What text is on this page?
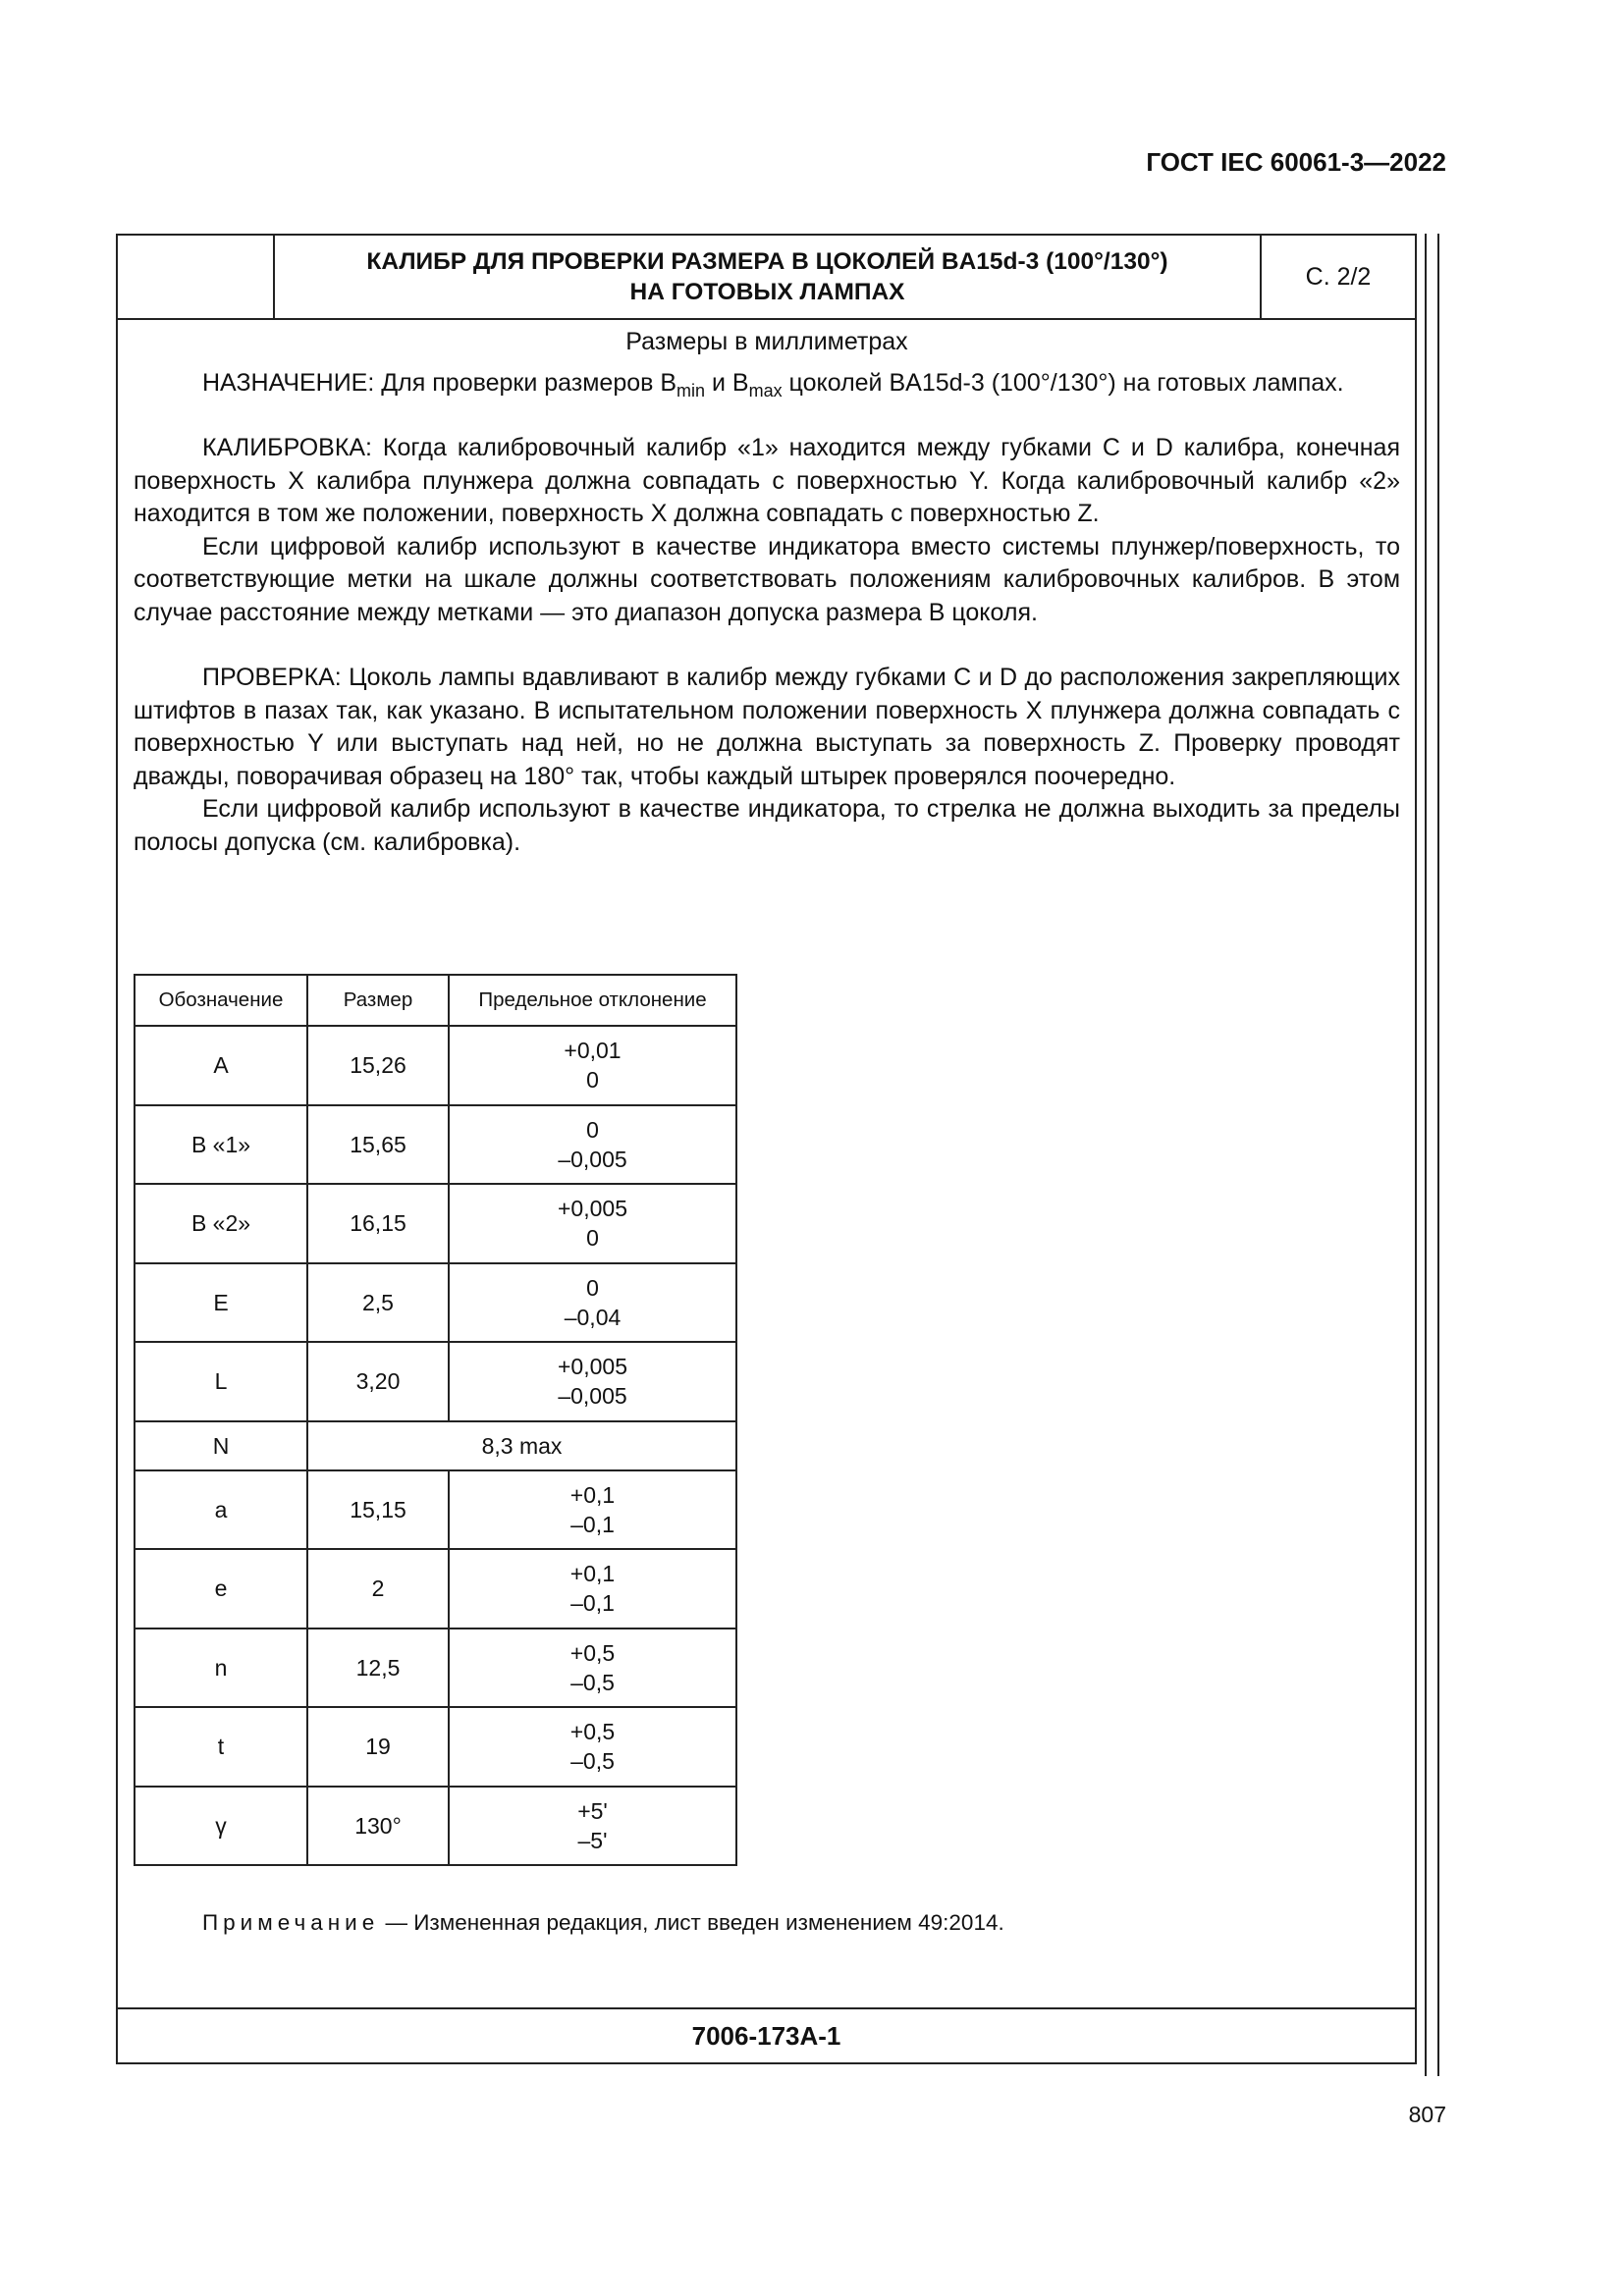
ГОСТ IEC 60061-3—2022
КАЛИБР ДЛЯ ПРОВЕРКИ РАЗМЕРА В ЦОКОЛЕЙ BA15d-3 (100°/130°)
НА ГОТОВЫХ ЛАМПАХ
С. 2/2
Размеры в миллиметрах

НАЗНАЧЕНИЕ: Для проверки размеров $B_{min}$ и $B_{max}$ цоколей BA15d-3 (100°/130°) на готовых лампах.

КАЛИБРОВКА: Когда калибровочный калибр «1» находится между губками С и D калибра, конечная поверхность X калибра плунжера должна совпадать с поверхностью Y. Когда калибровочный калибр «2» находится в том же положении, поверхность X должна совпадать с поверхностью Z.

Если цифровой калибр используют в качестве индикатора вместо системы плунжер/поверхность, то соответствующие метки на шкале должны соответствовать положениям калибровочных калибров. В этом случае расстояние между метками — это диапазон допуска размера В цоколя.

ПРОВЕРКА: Цоколь лампы вдавливают в калибр между губками С и D до расположения закрепляющих штифтов в пазах так, как указано. В испытательном положении поверхность X плунжера должна совпадать с поверхностью Y или выступать над ней, но не должна выступать за поверхность Z. Проверку проводят дважды, поворачивая образец на 180° так, чтобы каждый штырек проверялся поочередно.

Если цифровой калибр используют в качестве индикатора, то стрелка не должна выходить за пределы полосы допуска (см. калибровка).

Обозначение	Размер	Предельное отклонение
A	15,26	+0,01
0

B «1»	15,65	0
–0,005

B «2»	16,15	+0,005
0

E	2,5	0
–0,04

L	3,20	+0,005
–0,005

N	8,3 max	
a	15,15	+0,1
–0,1

e	2	+0,1
–0,1

n	12,5	+0,5
–0,5

t	19	+0,5
–0,5

γ	130°	+5'
–5'
Примечание — Измененная редакция, лист введен изменением 49:2014.
7006-173A-1
807
